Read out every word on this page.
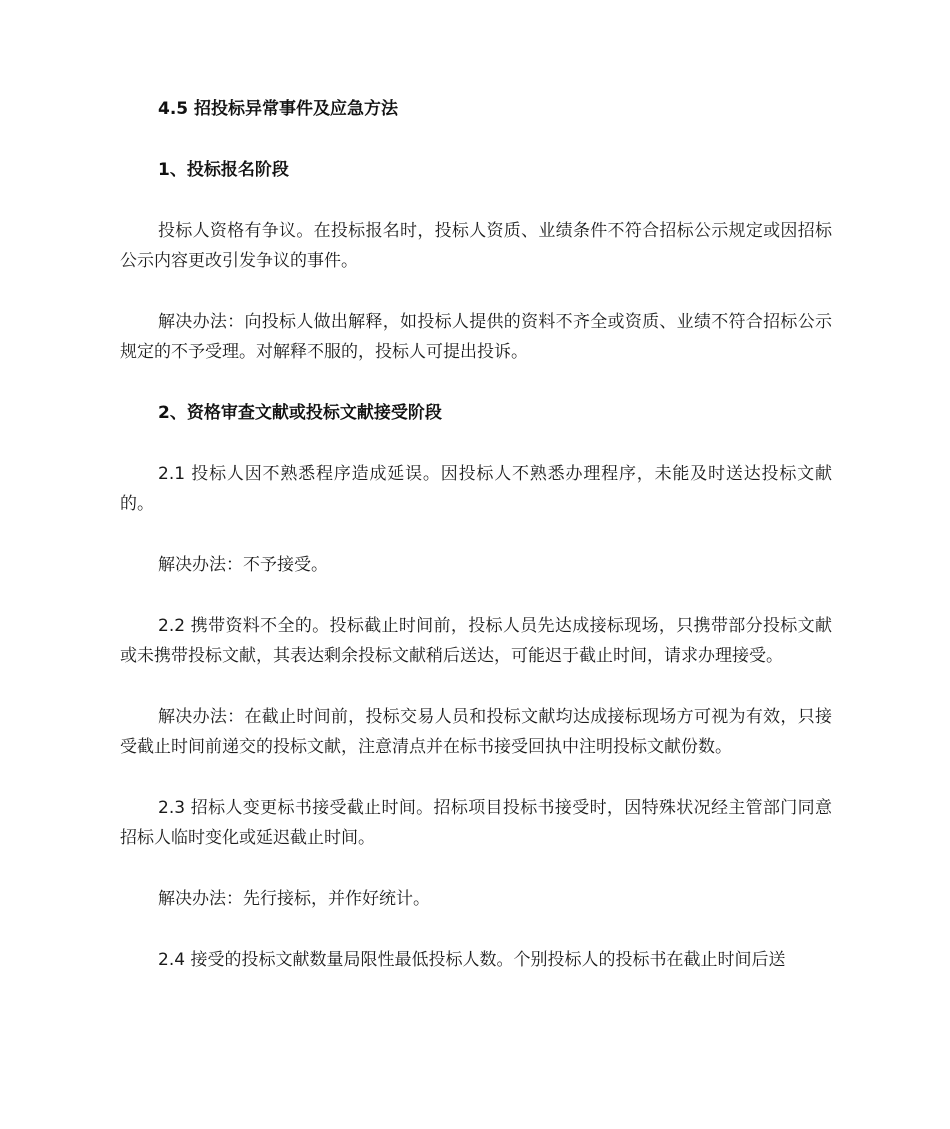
4.5 招投标异常事件及应急方法

1、投标报名阶段

投标人资格有争议。在投标报名时，投标人资质、业绩条件不符合招标公示规定或因招标公示内容更改引发争议的事件。

解决办法：向投标人做出解释，如投标人提供的资料不齐全或资质、业绩不符合招标公示规定的不予受理。对解释不服的，投标人可提出投诉。

2、资格审查文献或投标文献接受阶段

2.1 投标人因不熟悉程序造成延误。因投标人不熟悉办理程序，未能及时送达投标文献的。

解决办法：不予接受。

2.2 携带资料不全的。投标截止时间前，投标人员先达成接标现场，只携带部分投标文献或未携带投标文献，其表达剩余投标文献稍后送达，可能迟于截止时间，请求办理接受。

解决办法：在截止时间前，投标交易人员和投标文献均达成接标现场方可视为有效，只接受截止时间前递交的投标文献，注意清点并在标书接受回执中注明投标文献份数。

2.3 招标人变更标书接受截止时间。招标项目投标书接受时，因特殊状况经主管部门同意招标人临时变化或延迟截止时间。

解决办法：先行接标，并作好统计。

2.4 接受的投标文献数量局限性最低投标人数。个别投标人的投标书在截止时间后送
